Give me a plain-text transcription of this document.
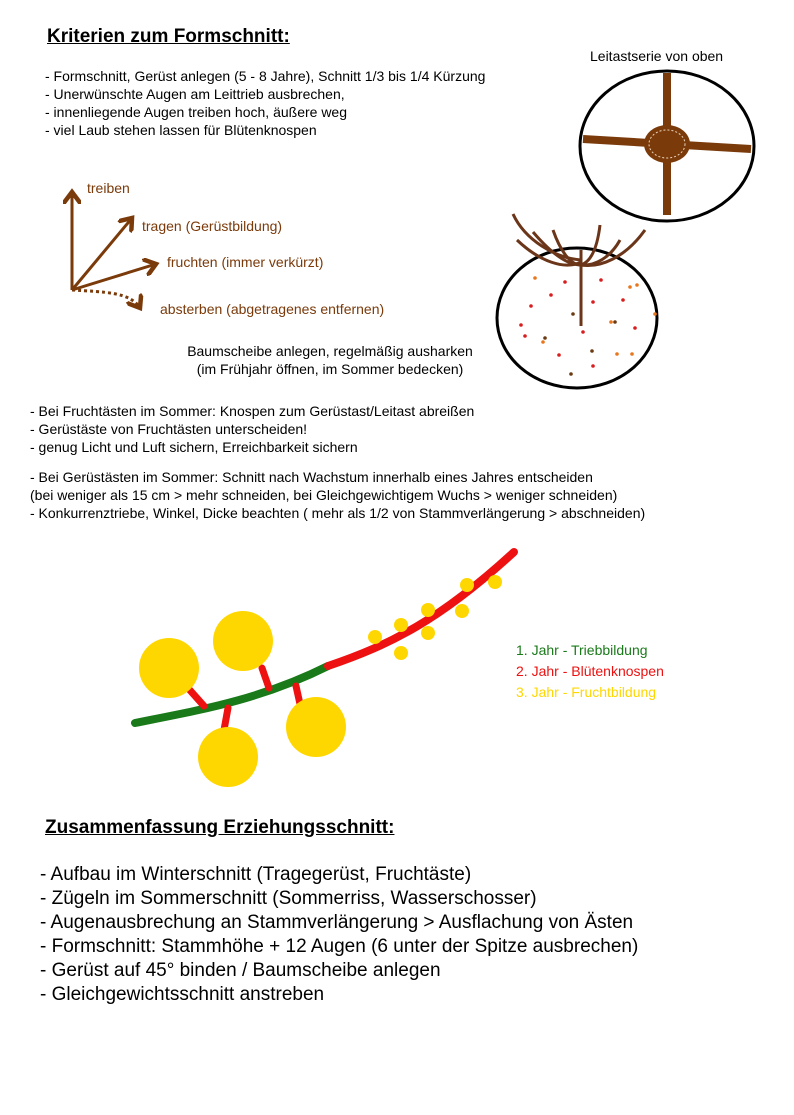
Kriterien zum Formschnitt:
- Formschnitt, Gerüst anlegen (5 - 8 Jahre), Schnitt 1/3 bis 1/4 Kürzung
- Unerwünschte Augen am Leittrieb ausbrechen,
- innenliegende Augen treiben hoch, äußere weg
- viel Laub stehen lassen für Blütenknospen
Leitastserie von oben
treiben
tragen (Gerüstbildung)
fruchten (immer verkürzt)
absterben (abgetragenes entfernen)
Baumscheibe anlegen, regelmäßig ausharken
(im Frühjahr öffnen, im Sommer bedecken)
- Bei Fruchtästen im Sommer: Knospen zum Gerüstast/Leitast abreißen
- Gerüstäste von Fruchtästen unterscheiden!
- genug Licht und Luft sichern, Erreichbarkeit sichern
- Bei Gerüstästen im Sommer: Schnitt nach Wachstum innerhalb eines Jahres entscheiden
(bei weniger als 15 cm > mehr schneiden, bei Gleichgewichtigem Wuchs > weniger schneiden)
- Konkurrenztriebe, Winkel, Dicke beachten ( mehr als 1/2 von Stammverlängerung > abschneiden)
1. Jahr - Triebbildung
2. Jahr - Blütenknospen
3. Jahr - Fruchtbildung
Zusammenfassung Erziehungsschnitt:
- Aufbau im Winterschnitt (Tragegerüst, Fruchtäste)
- Zügeln im Sommerschnitt (Sommerriss, Wasserschosser)
- Augenausbrechung an Stammverlängerung > Ausflachung von Ästen
- Formschnitt: Stammhöhe + 12 Augen (6 unter der Spitze ausbrechen)
- Gerüst auf 45° binden / Baumscheibe anlegen
- Gleichgewichtsschnitt anstreben
